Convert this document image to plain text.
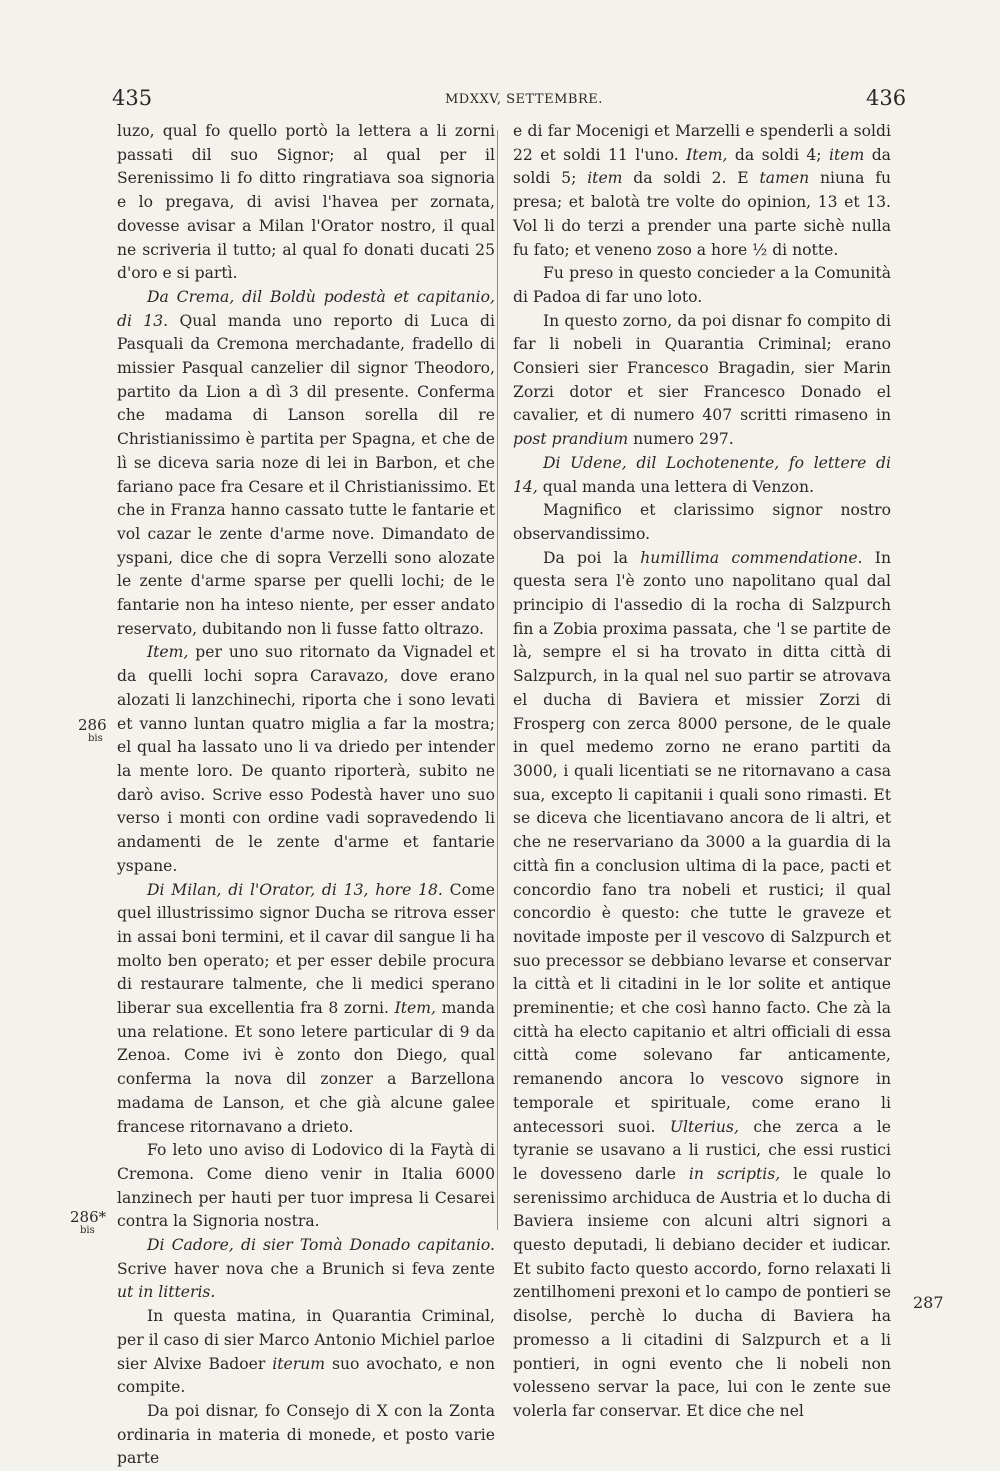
435	MDXXV, SETTEMBRE.	436

luzo, qual fo quello portò la lettera a li zorni passati dil suo Signor; al qual per il Serenissimo li fo ditto ringratiava soa signoria e lo pregava, di avisi l'havea per zornata, dovesse avisar a Milan l'Orator nostro, il qual ne scriveria il tutto; al qual fo donati ducati 25 d'oro e si partì.

Da Crema, dil Boldù podestà et capitanio, di 13. Qual manda uno reporto di Luca di Pasquali da Cremona merchadante, fradello di missier Pasqual canzelier dil signor Theodoro, partito da Lion a dì 3 dil presente. Conferma che madama di Lanson sorella dil re Christianissimo è partita per Spagna, et che de lì se diceva saria noze di lei in Barbon, et che fariano pace fra Cesare et il Christianissimo. Et che in Franza hanno cassato tutte le fantarie et vol cazar le zente d'arme nove. Dimandato de yspani, dice che di sopra Verzelli sono alozate le zente d'arme sparse per quelli lochi; de le fantarie non ha inteso niente, per esser andato reservato, dubitando non li fusse fatto oltrazo.

Item, per uno suo ritornato da Vignadel et da quelli lochi sopra Caravazo, dove erano alozati li lanzchinechi, riporta che i sono levati et vanno luntan quatro miglia a far la mostra; el qual ha lassato uno li va driedo per intender la mente loro. De quanto riporterà, subito ne darò aviso. Scrive esso Podestà haver uno suo verso i monti con ordine vadi sopravedendo li andamenti de le zente d'arme et fantarie yspane.

Di Milan, di l'Orator, di 13, hore 18. Come quel illustrissimo signor Ducha se ritrova esser in assai boni termini, et il cavar dil sangue li ha molto ben operato; et per esser debile procura di restaurare talmente, che li medici sperano liberar sua excellentia fra 8 zorni. Item, manda una relatione. Et sono letere particular di 9 da Zenoa. Come ivi è zonto don Diego, qual conferma la nova dil zonzer a Barzellona madama de Lanson, et che già alcune galee francese ritornavano a drieto.

Fo leto uno aviso di Lodovico di la Faytà di Cremona. Come dieno venir in Italia 6000 lanzinech per hauti per tuor impresa li Cesarei contra la Signoria nostra.

Di Cadore, di sier Tomà Donado capitanio. Scrive haver nova che a Brunich si feva zente ut in litteris.

In questa matina, in Quarantia Criminal, per il caso di sier Marco Antonio Michiel parloe sier Alvixe Badoer iterum suo avochato, e non compite.

Da poi disnar, fo Consejo di X con la Zonta ordinaria in materia di monede, et posto varie parte

e di far Mocenigi et Marzelli e spenderli a soldi 22 et soldi 11 l'uno. Item, da soldi 4; item da soldi 5; item da soldi 2. E tamen niuna fu presa; et balotà tre volte do opinion, 13 et 13. Vol li do terzi a prender una parte sichè nulla fu fato; et veneno zoso a hore ½ di notte.

Fu preso in questo concieder a la Comunità di Padoa di far uno loto.

In questo zorno, da poi disnar fo compito di far li nobeli in Quarantia Criminal; erano Consieri sier Francesco Bragadin, sier Marin Zorzi dotor et sier Francesco Donado el cavalier, et di numero 407 scritti rimaseno in post prandium numero 297.

Di Udene, dil Lochotenente, fo lettere di 14, qual manda una lettera di Venzon.

Magnifico et clarissimo signor nostro observandissimo.

Da poi la humillima commendatione. In questa sera l'è zonto uno napolitano qual dal principio di l'assedio di la rocha di Salzpurch fin a Zobia proxima passata, che 'l se partite de là, sempre el si ha trovato in ditta città di Salzpurch, in la qual nel suo partir se atrovava el ducha di Baviera et missier Zorzi di Frosperg con zerca 8000 persone, de le quale in quel medemo zorno ne erano partiti da 3000, i quali licentiati se ne ritornavano a casa sua, excepto li capitanii i quali sono rimasti. Et se diceva che licentiavano ancora de li altri, et che ne reservariano da 3000 a la guardia di la città fin a conclusion ultima di la pace, pacti et concordio fano tra nobeli et rustici; il qual concordio è questo: che tutte le graveze et novitade imposte per il vescovo di Salzpurch et suo precessor se debbiano levarse et conservar la città et li citadini in le lor solite et antique preminentie; et che così hanno facto. Che zà la città ha electo capitanio et altri officiali di essa città come solevano far anticamente, remanendo ancora lo vescovo signore in temporale et spirituale, come erano li antecessori suoi. Ulterius, che zerca a le tyranie se usavano a li rustici, che essi rustici le dovesseno darle in scriptis, le quale lo serenissimo archiduca de Austria et lo ducha di Baviera insieme con alcuni altri signori a questo deputadi, li debiano decider et iudicar. Et subito facto questo accordo, forno relaxati li zentilhomeni prexoni et lo campo de pontieri se disolse, perchè lo ducha di Baviera ha promesso a li citadini di Salzpurch et a li pontieri, in ogni evento che li nobeli non volesseno servar la pace, lui con le zente sue volerla far conservar. Et dice che nel

286
bis
286*
bis
287
